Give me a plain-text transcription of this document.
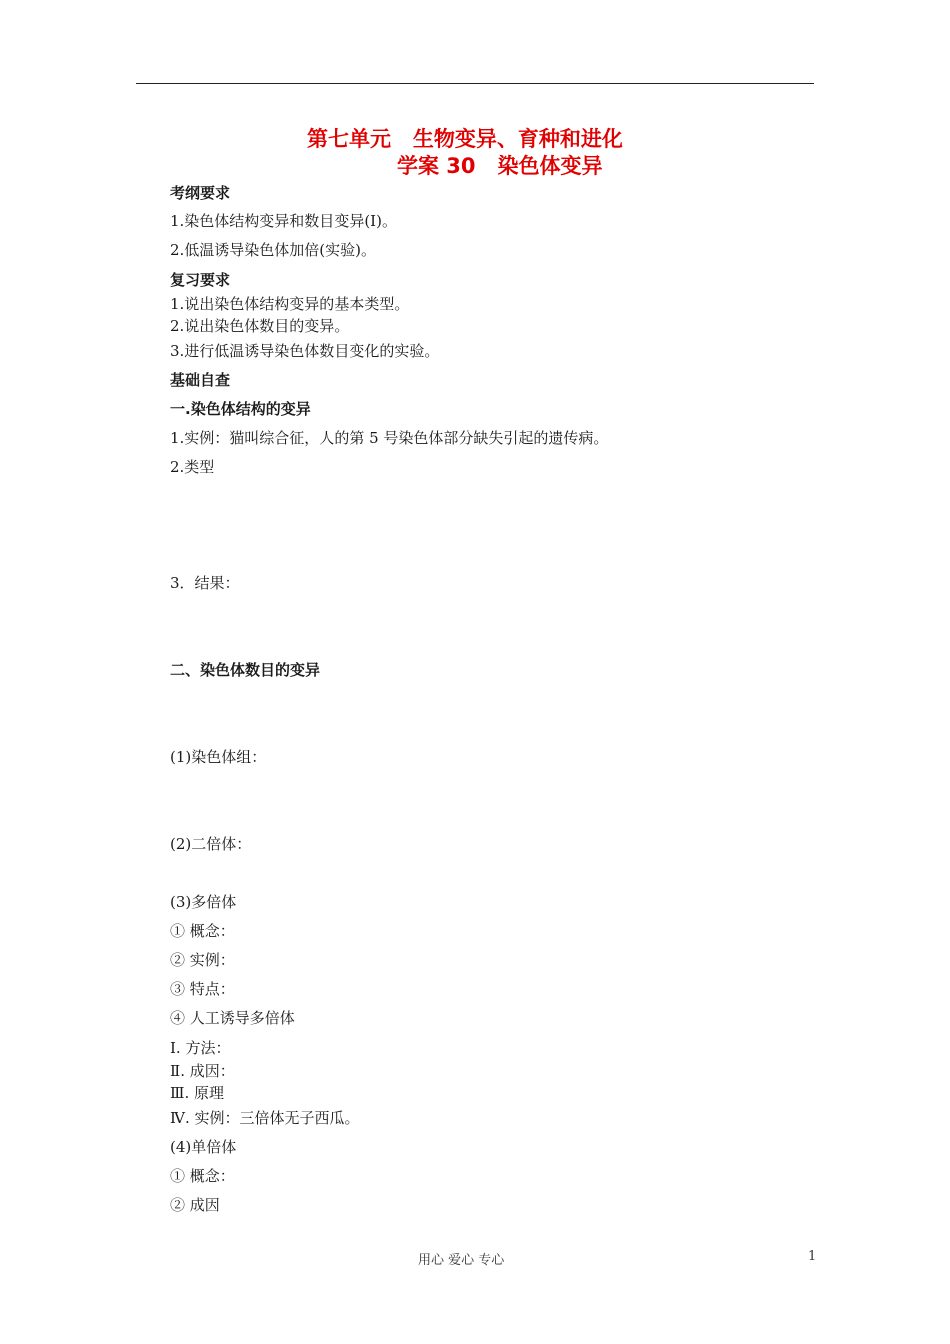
第七单元   生物变异、育种和进化
学案 30   染色体变异
考纲要求
1.染色体结构变异和数目变异(Ⅰ)。
2.低温诱导染色体加倍(实验)。
复习要求
1.说出染色体结构变异的基本类型。
2.说出染色体数目的变异。
3.进行低温诱导染色体数目变化的实验。
基础自查
一.染色体结构的变异
1.实例：猫叫综合征，人的第 5 号染色体部分缺失引起的遗传病。
2.类型
3．结果：
二、染色体数目的变异
(1)染色体组：
(2)二倍体：
(3)多倍体
① 概念：
② 实例：
③ 特点：
④ 人工诱导多倍体
Ⅰ. 方法：
Ⅱ. 成因：
Ⅲ. 原理
Ⅳ. 实例：三倍体无子西瓜。
(4)单倍体
① 概念：
② 成因
用心 爱心 专心	1
